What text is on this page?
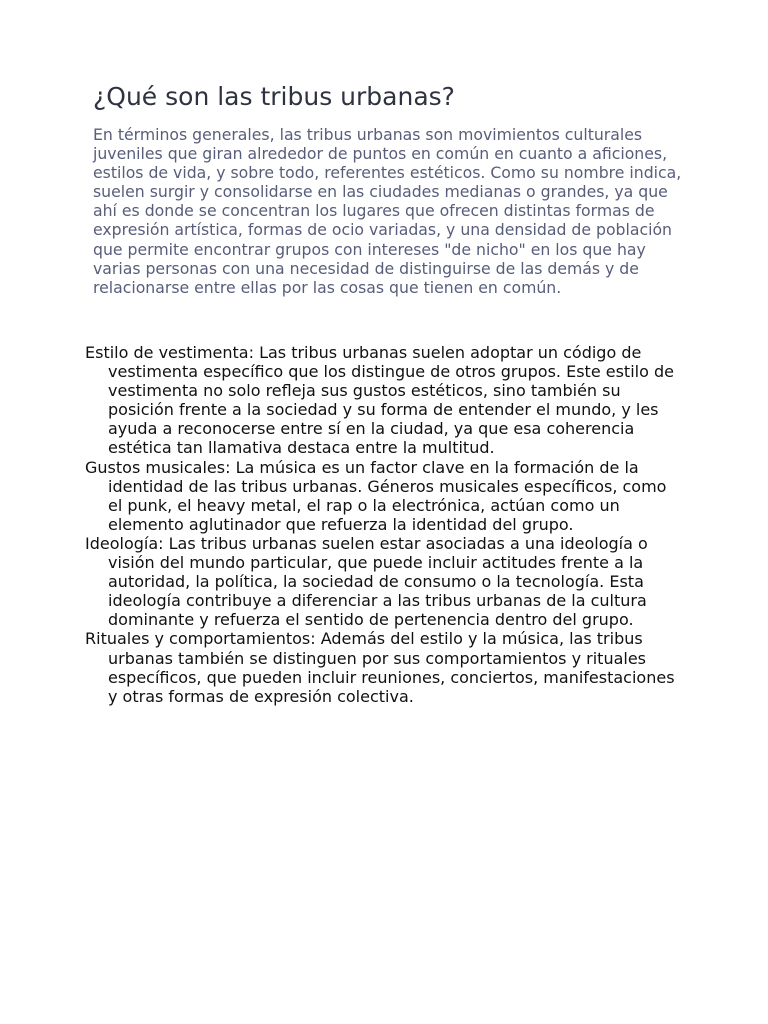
¿Qué son las tribus urbanas?

En términos generales, las tribus urbanas son movimientos culturales juveniles que giran alrededor de puntos en común en cuanto a aficiones, estilos de vida, y sobre todo, referentes estéticos. Como su nombre indica, suelen surgir y consolidarse en las ciudades medianas o grandes, ya que ahí es donde se concentran los lugares que ofrecen distintas formas de expresión artística, formas de ocio variadas, y una densidad de población que permite encontrar grupos con intereses "de nicho" en los que hay varias personas con una necesidad de distinguirse de las demás y de relacionarse entre ellas por las cosas que tienen en común.

Estilo de vestimenta: Las tribus urbanas suelen adoptar un código de vestimenta específico que los distingue de otros grupos. Este estilo de vestimenta no solo refleja sus gustos estéticos, sino también su posición frente a la sociedad y su forma de entender el mundo, y les ayuda a reconocerse entre sí en la ciudad, ya que esa coherencia estética tan llamativa destaca entre la multitud.
Gustos musicales: La música es un factor clave en la formación de la identidad de las tribus urbanas. Géneros musicales específicos, como el punk, el heavy metal, el rap o la electrónica, actúan como un elemento aglutinador que refuerza la identidad del grupo.
Ideología: Las tribus urbanas suelen estar asociadas a una ideología o visión del mundo particular, que puede incluir actitudes frente a la autoridad, la política, la sociedad de consumo o la tecnología. Esta ideología contribuye a diferenciar a las tribus urbanas de la cultura dominante y refuerza el sentido de pertenencia dentro del grupo.
Rituales y comportamientos: Además del estilo y la música, las tribus urbanas también se distinguen por sus comportamientos y rituales específicos, que pueden incluir reuniones, conciertos, manifestaciones y otras formas de expresión colectiva.
